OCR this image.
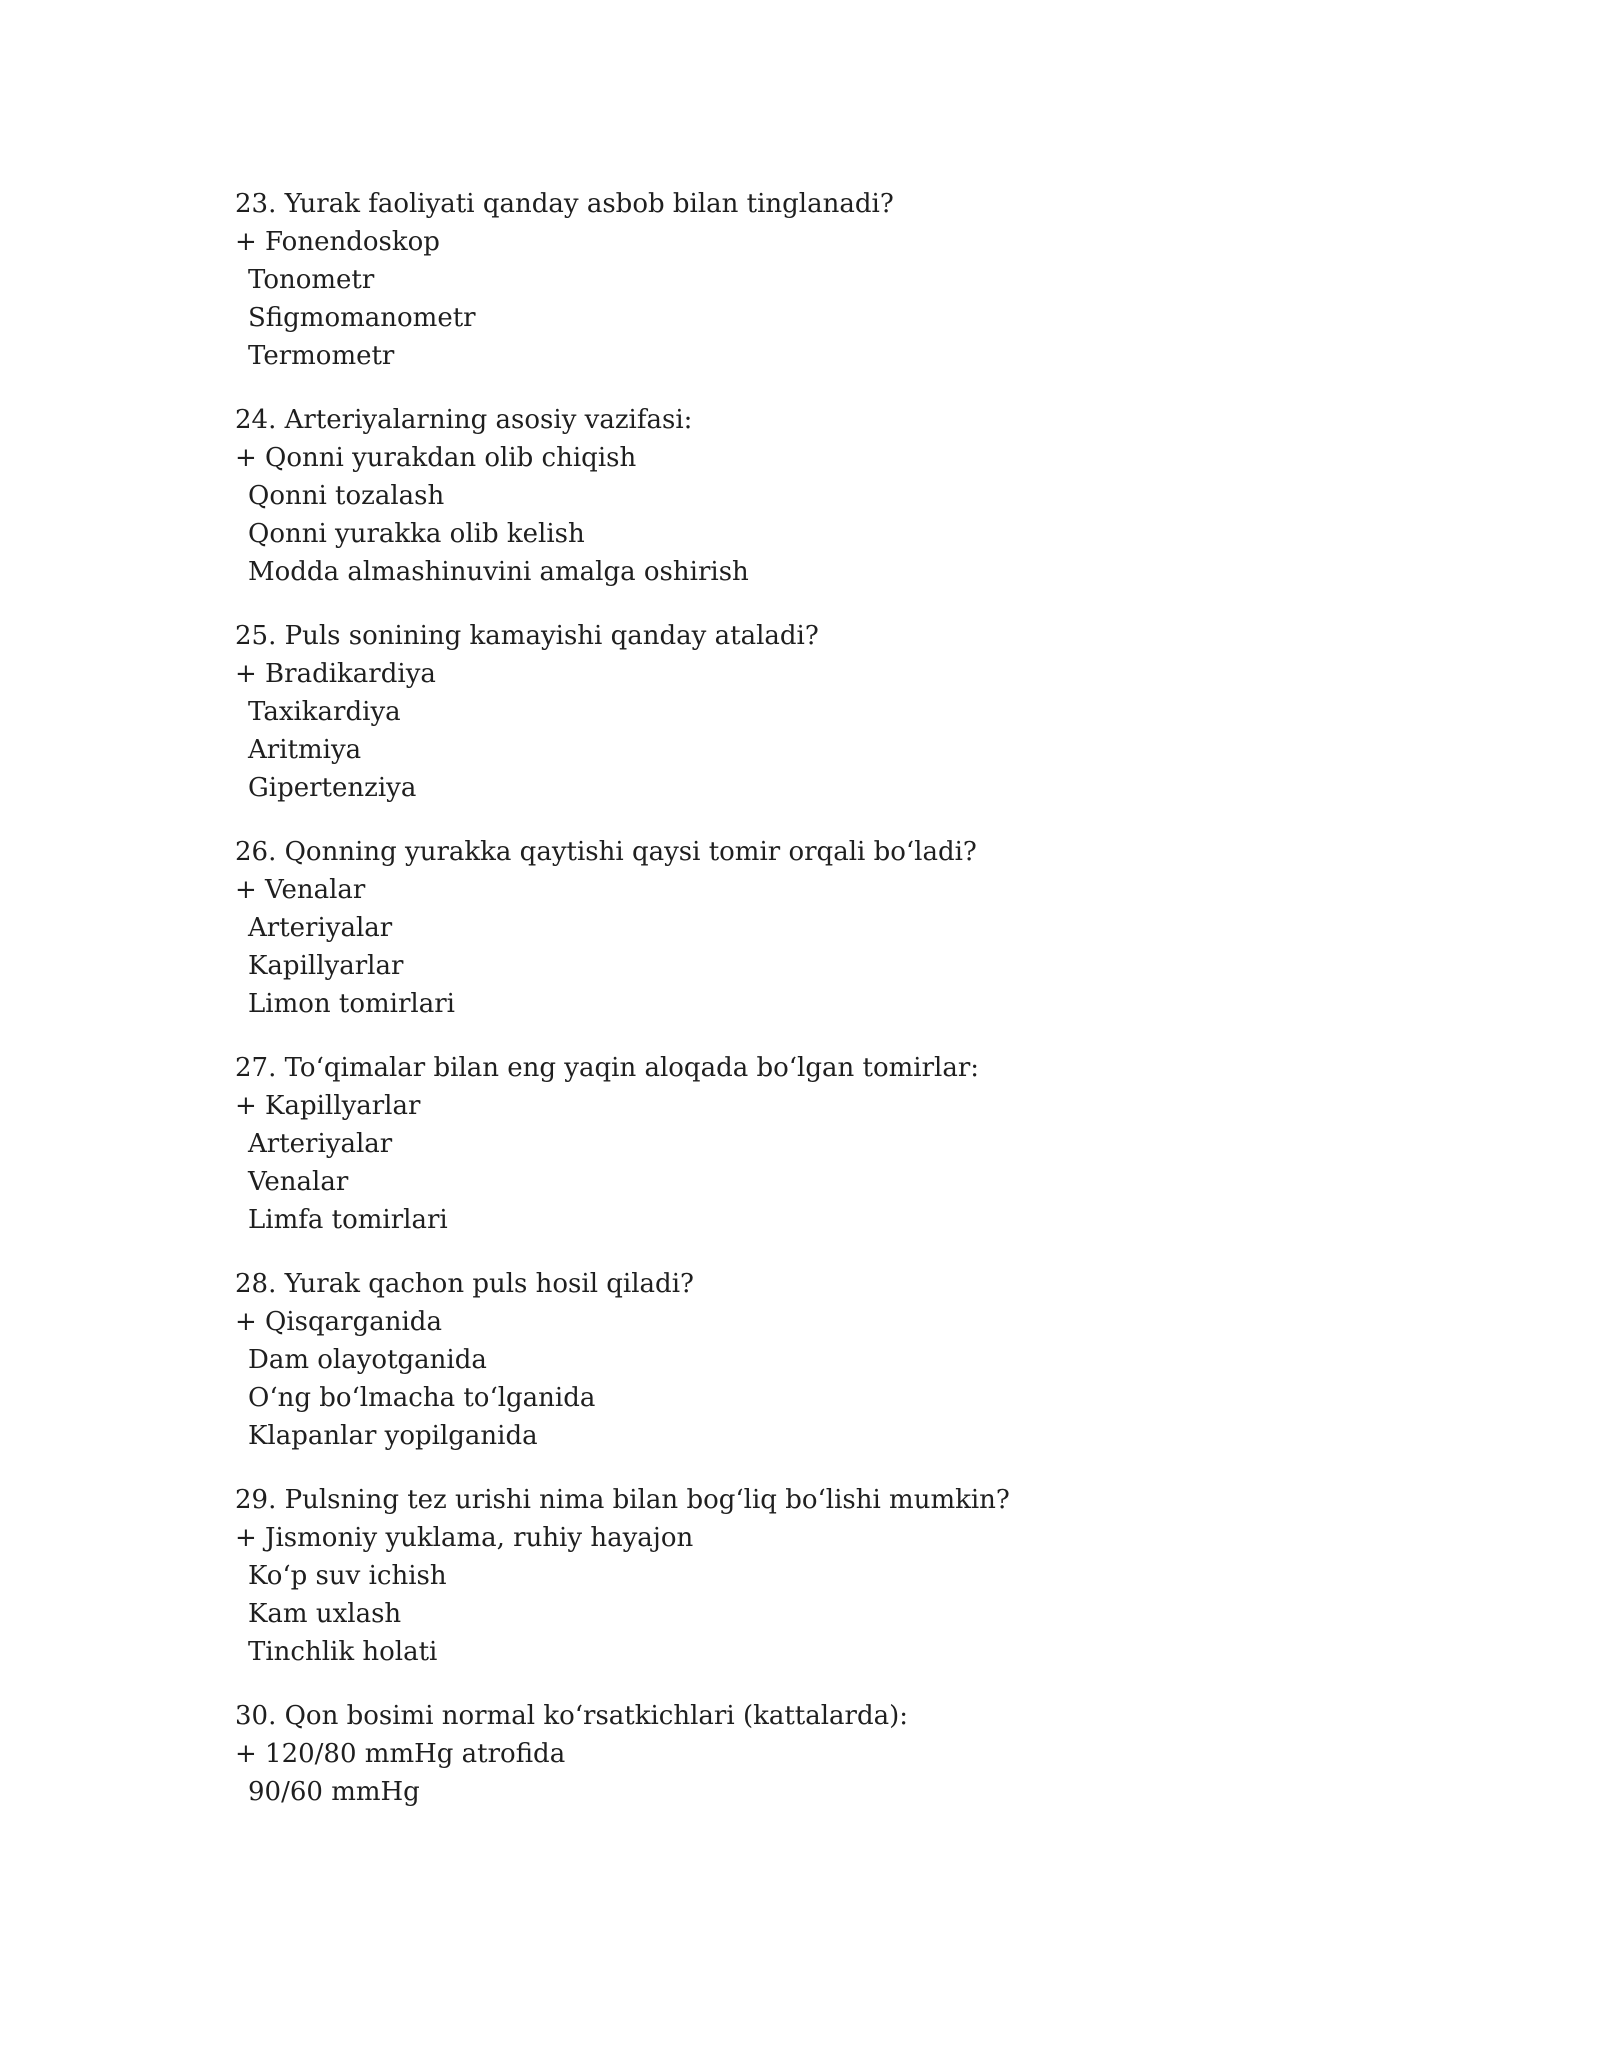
23. Yurak faoliyati qanday asbob bilan tinglanadi?
+ Fonendoskop
Tonometr
Sfigmomanometr
Termometr
24. Arteriyalarning asosiy vazifasi:
+ Qonni yurakdan olib chiqish
Qonni tozalash
Qonni yurakka olib kelish
Modda almashinuvini amalga oshirish
25. Puls sonining kamayishi qanday ataladi?
+ Bradikardiya
Taxikardiya
Aritmiya
Gipertenziya
26. Qonning yurakka qaytishi qaysi tomir orqali bo‘ladi?
+ Venalar
Arteriyalar
Kapillyarlar
Limon tomirlari
27. To‘qimalar bilan eng yaqin aloqada bo‘lgan tomirlar:
+ Kapillyarlar
Arteriyalar
Venalar
Limfa tomirlari
28. Yurak qachon puls hosil qiladi?
+ Qisqarganida
Dam olayotganida
O‘ng bo‘lmacha to‘lganida
Klapanlar yopilganida
29. Pulsning tez urishi nima bilan bog‘liq bo‘lishi mumkin?
+ Jismoniy yuklama, ruhiy hayajon
Ko‘p suv ichish
Kam uxlash
Tinchlik holati
30. Qon bosimi normal ko‘rsatkichlari (kattalarda):
+ 120/80 mmHg atrofida
90/60 mmHg
